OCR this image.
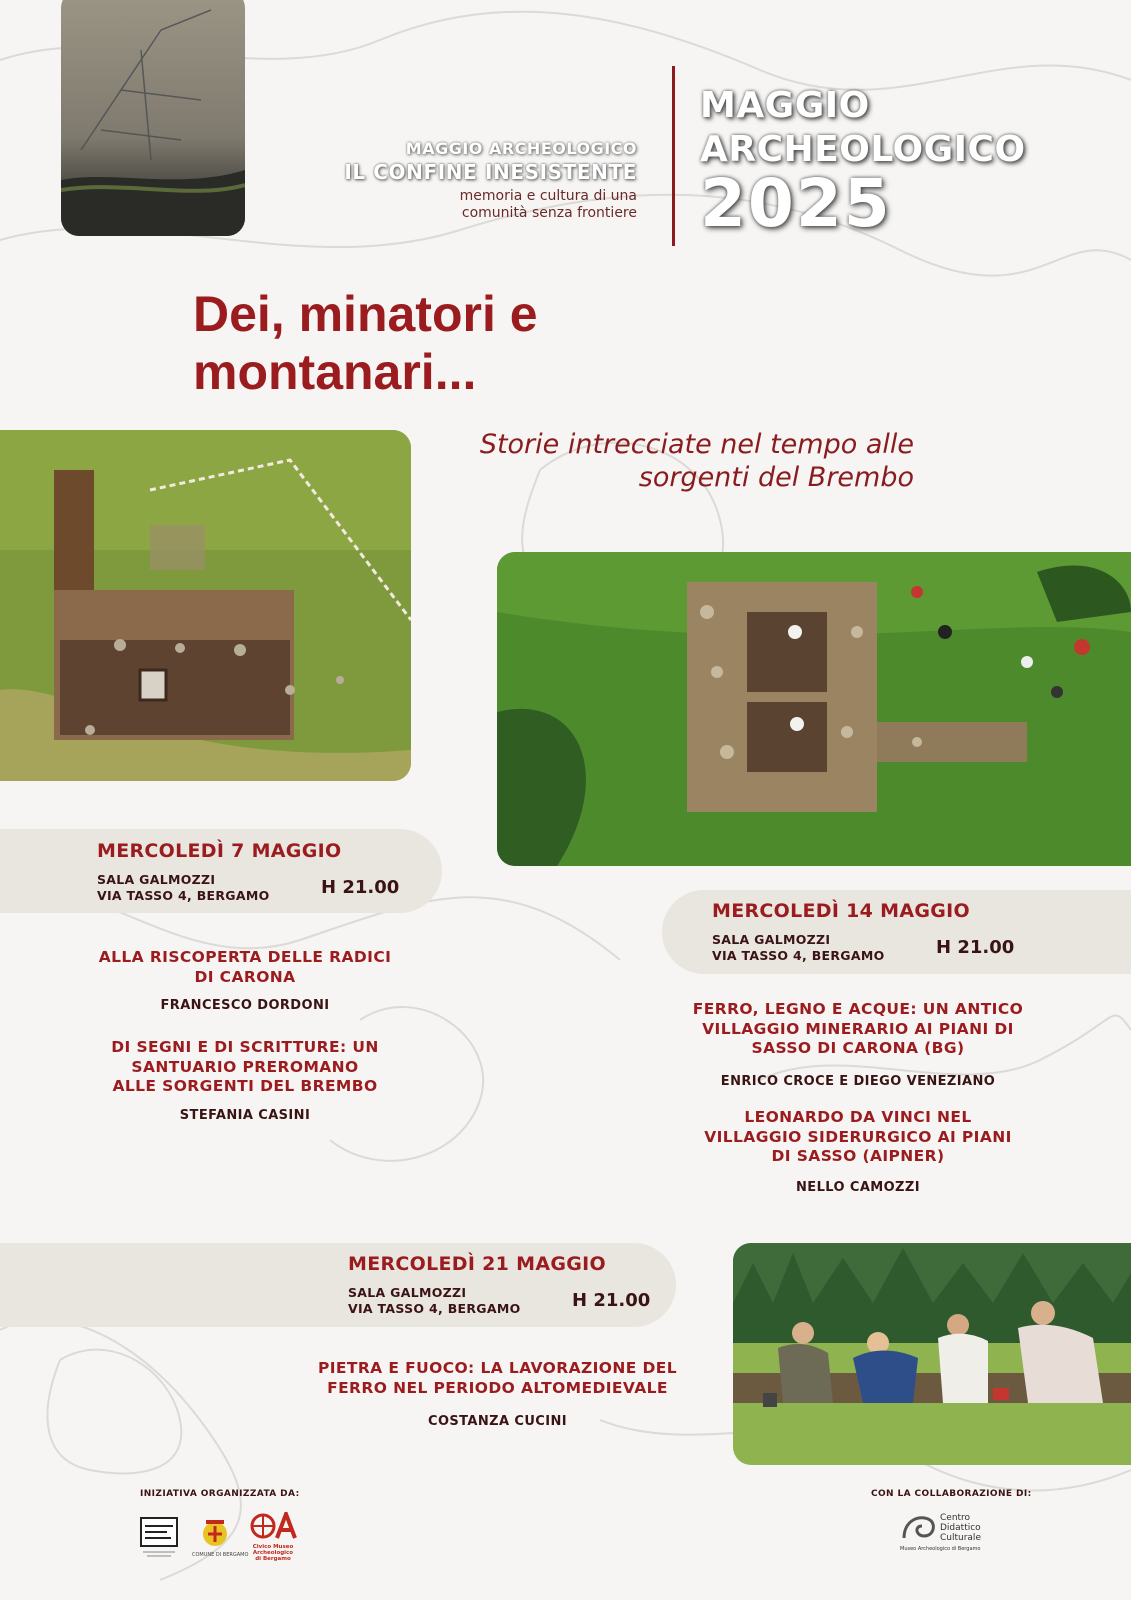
MAGGIO ARCHEOLOGICO
IL CONFINE INESISTENTE
memoria e cultura di una
comunità senza frontiere
MAGGIO
ARCHEOLOGICO
2025
Dei, minatori e
montanari...
Storie intrecciate nel tempo alle
sorgenti del Brembo
MERCOLEDÌ 7 MAGGIO
SALA GALMOZZI
VIA TASSO 4, BERGAMO	H 21.00
ALLA RISCOPERTA DELLE RADICI
DI CARONA
FRANCESCO DORDONI
DI SEGNI E DI SCRITTURE: UN
SANTUARIO PREROMANO
ALLE SORGENTI DEL BREMBO
STEFANIA CASINI
MERCOLEDÌ 14 MAGGIO
SALA GALMOZZI
VIA TASSO 4, BERGAMO	H 21.00
FERRO, LEGNO E ACQUE: UN ANTICO
VILLAGGIO MINERARIO AI PIANI DI
SASSO DI CARONA (BG)
ENRICO CROCE E DIEGO VENEZIANO
LEONARDO DA VINCI NEL
VILLAGGIO SIDERURGICO AI PIANI
DI SASSO (AIPNER)
NELLO CAMOZZI
MERCOLEDÌ 21 MAGGIO
SALA GALMOZZI
VIA TASSO 4, BERGAMO	H 21.00
PIETRA E FUOCO: LA LAVORAZIONE DEL
FERRO NEL PERIODO ALTOMEDIEVALE
COSTANZA CUCINI
INIZIATIVA ORGANIZZATA DA:	CON LA COLLABORAZIONE DI:
COMUNE DI BERGAMO
Civico Museo
Archeologico
di Bergamo
Centro
Didattico
Culturale
Museo Archeologico di Bergamo
